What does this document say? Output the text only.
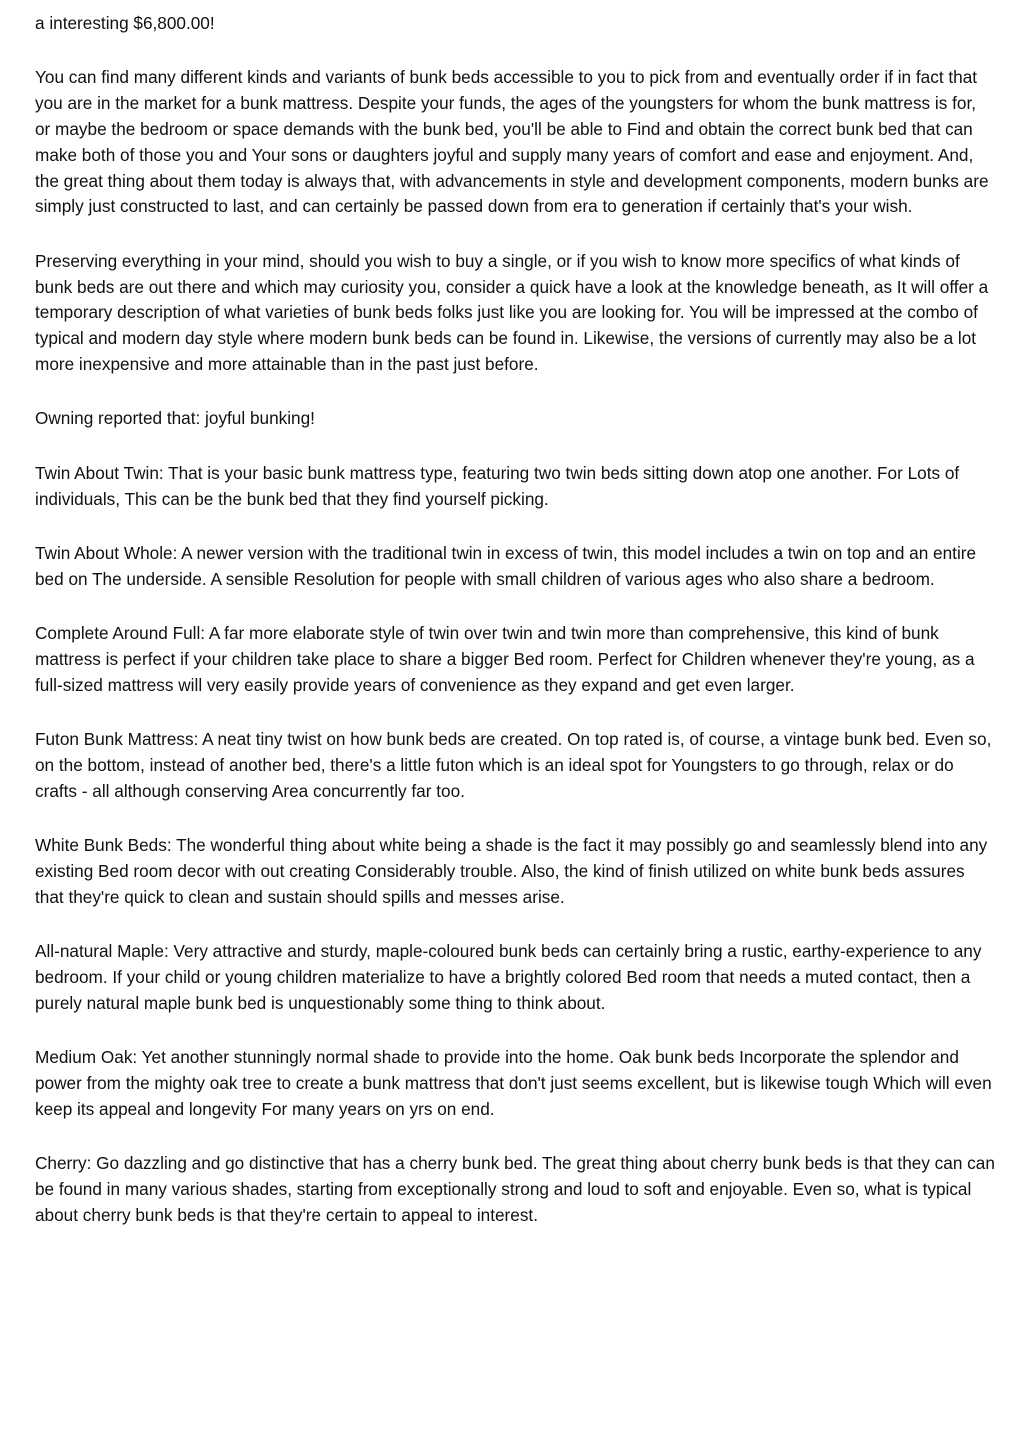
a interesting $6,800.00!

You can find many different kinds and variants of bunk beds accessible to you to pick from and eventually order if in fact that you are in the market for a bunk mattress. Despite your funds, the ages of the youngsters for whom the bunk mattress is for, or maybe the bedroom or space demands with the bunk bed, you'll be able to Find and obtain the correct bunk bed that can make both of those you and Your sons or daughters joyful and supply many years of comfort and ease and enjoyment. And, the great thing about them today is always that, with advancements in style and development components, modern bunks are simply just constructed to last, and can certainly be passed down from era to generation if certainly that's your wish.

Preserving everything in your mind, should you wish to buy a single, or if you wish to know more specifics of what kinds of bunk beds are out there and which may curiosity you, consider a quick have a look at the knowledge beneath, as It will offer a temporary description of what varieties of bunk beds folks just like you are looking for. You will be impressed at the combo of typical and modern day style where modern bunk beds can be found in. Likewise, the versions of currently may also be a lot more inexpensive and more attainable than in the past just before.

Owning reported that: joyful bunking!

Twin About Twin: That is your basic bunk mattress type, featuring two twin beds sitting down atop one another. For Lots of individuals, This can be the bunk bed that they find yourself picking.

Twin About Whole: A newer version with the traditional twin in excess of twin, this model includes a twin on top and an entire bed on The underside. A sensible Resolution for people with small children of various ages who also share a bedroom.

Complete Around Full: A far more elaborate style of twin over twin and twin more than comprehensive, this kind of bunk mattress is perfect if your children take place to share a bigger Bed room. Perfect for Children whenever they're young, as a full-sized mattress will very easily provide years of convenience as they expand and get even larger.

Futon Bunk Mattress: A neat tiny twist on how bunk beds are created. On top rated is, of course, a vintage bunk bed. Even so, on the bottom, instead of another bed, there's a little futon which is an ideal spot for Youngsters to go through, relax or do crafts - all although conserving Area concurrently far too.

White Bunk Beds: The wonderful thing about white being a shade is the fact it may possibly go and seamlessly blend into any existing Bed room decor with out creating Considerably trouble. Also, the kind of finish utilized on white bunk beds assures that they're quick to clean and sustain should spills and messes arise.

All-natural Maple: Very attractive and sturdy, maple-coloured bunk beds can certainly bring a rustic, earthy-experience to any bedroom. If your child or young children materialize to have a brightly colored Bed room that needs a muted contact, then a purely natural maple bunk bed is unquestionably some thing to think about.

Medium Oak: Yet another stunningly normal shade to provide into the home. Oak bunk beds Incorporate the splendor and power from the mighty oak tree to create a bunk mattress that don't just seems excellent, but is likewise tough Which will even keep its appeal and longevity For many years on yrs on end.

Cherry: Go dazzling and go distinctive that has a cherry bunk bed. The great thing about cherry bunk beds is that they can can be found in many various shades, starting from exceptionally strong and loud to soft and enjoyable. Even so, what is typical about cherry bunk beds is that they're certain to appeal to interest.
